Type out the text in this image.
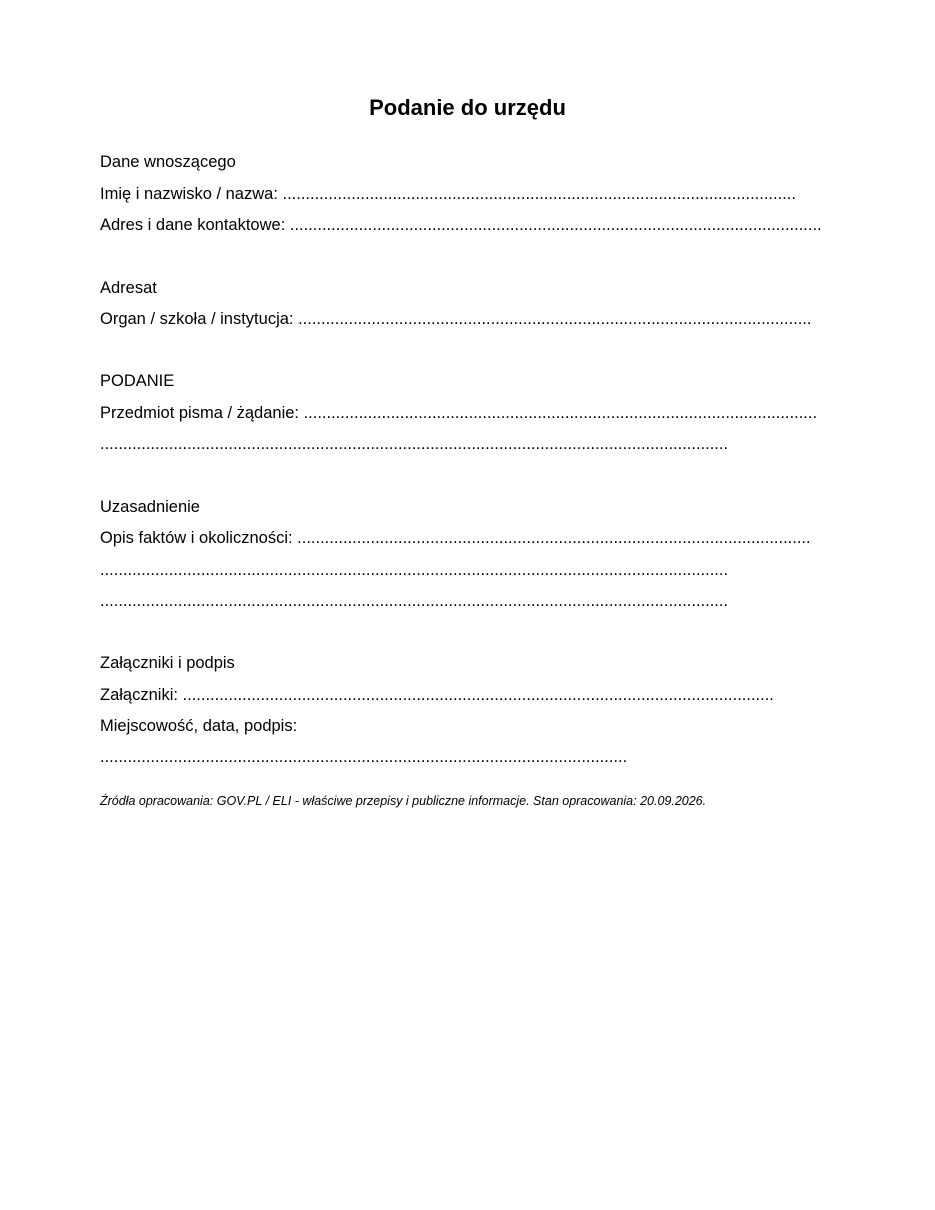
Podanie do urzędu
Dane wnoszącego
Imię i nazwisko / nazwa: ................................................................................................................
Adres i dane kontaktowe: ....................................................................................................................
Adresat
Organ / szkoła / instytucja: ................................................................................................................
PODANIE
Przedmiot pisma / żądanie: ................................................................................................................
.........................................................................................................................................
Uzasadnienie
Opis faktów i okoliczności: ................................................................................................................
.........................................................................................................................................
.........................................................................................................................................
Załączniki i podpis
Załączniki: .................................................................................................................................
Miejscowość, data, podpis:
...................................................................................................................
Źródła opracowania: GOV.PL / ELI - właściwe przepisy i publiczne informacje. Stan opracowania: 20.09.2026.
